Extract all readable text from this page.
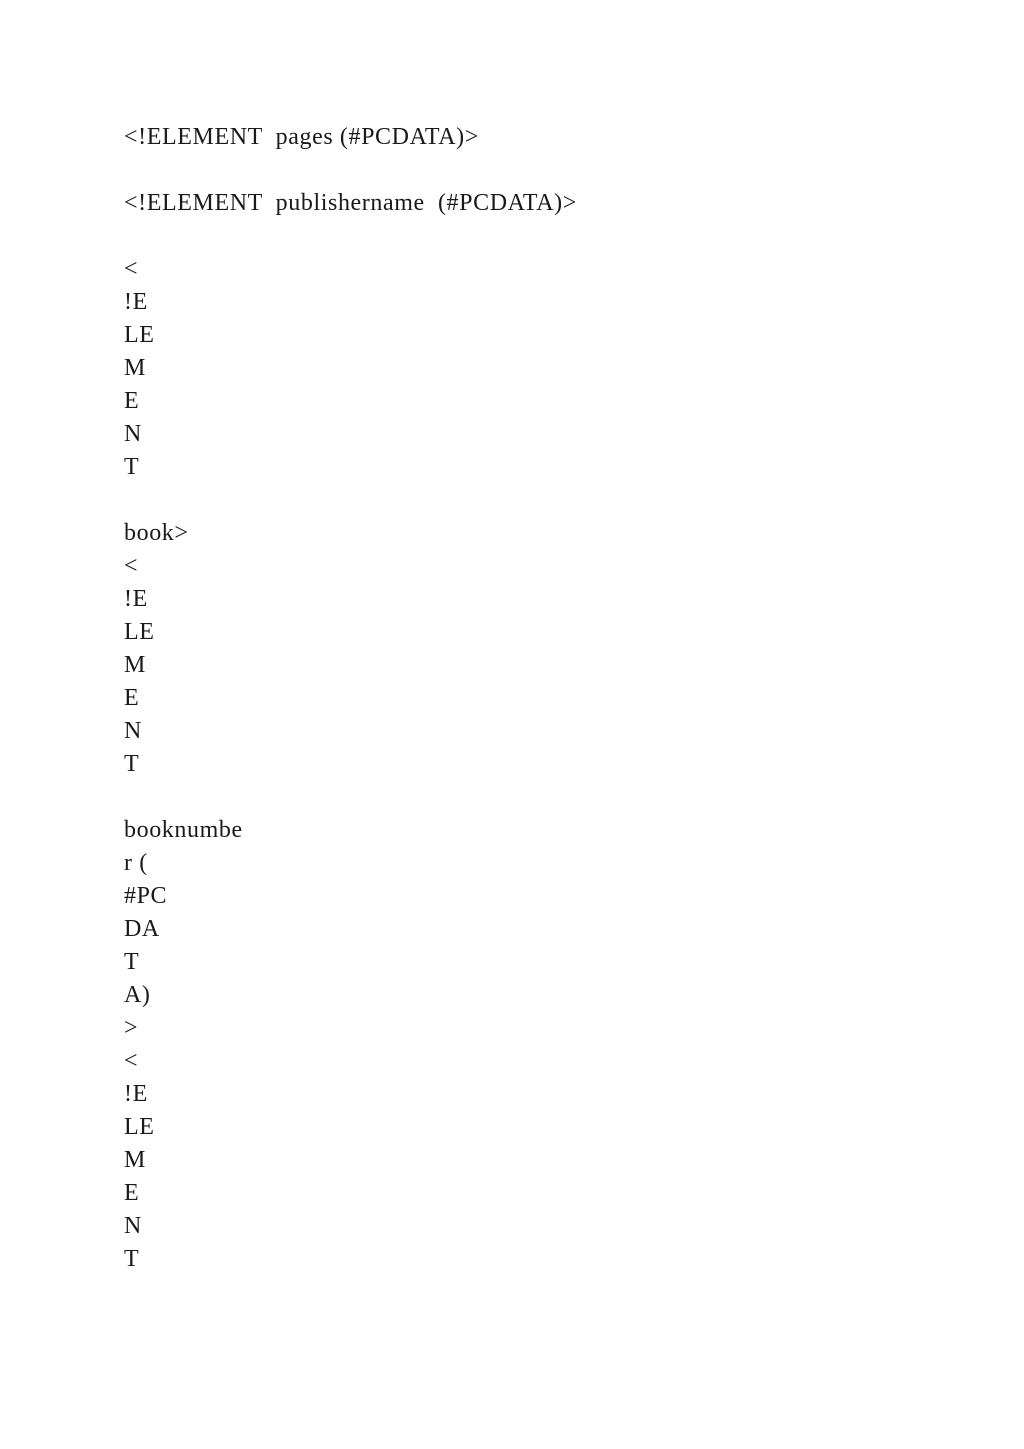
<!ELEMENT  pages (#PCDATA)>

<!ELEMENT  publishername  (#PCDATA)>

<

!E

LE

M

E

N

T

book>

<

!E

LE

M

E

N

T

booknumbe

r (

#PC

DA

T

A)

>

<

!E

LE

M

E

N

T
